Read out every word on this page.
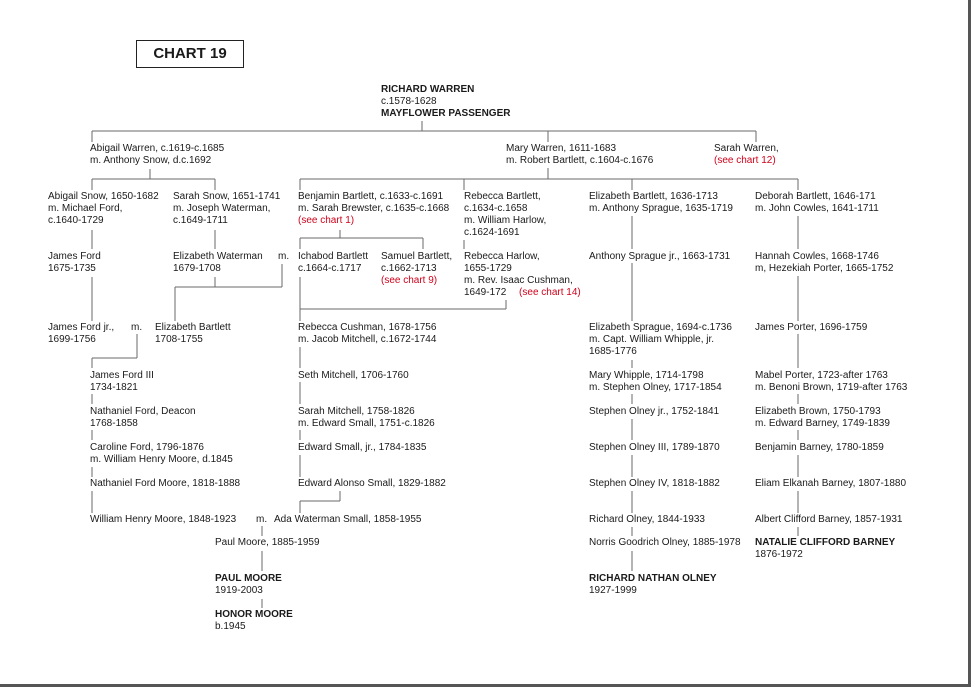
CHART 19
RICHARD WARREN
c.1578-1628
MAYFLOWER PASSENGER
Abigail Warren, c.1619-c.1685
m. Anthony Snow, d.c.1692
Mary Warren, 1611-1683
m. Robert Bartlett, c.1604-c.1676
Sarah Warren,
(see chart 12)
Abigail Snow, 1650-1682
m. Michael Ford,
c.1640-1729
Sarah Snow, 1651-1741
m. Joseph Waterman,
c.1649-1711
James Ford
1675-1735
Elizabeth Waterman
1679-1708
m.
James Ford jr.,
1699-1756
m. Elizabeth Bartlett
1708-1755
James Ford III
1734-1821
Nathaniel Ford, Deacon
1768-1858
Caroline Ford, 1796-1876
m. William Henry Moore, d.1845
Nathaniel Ford Moore, 1818-1888
William Henry Moore, 1848-1923 m. Ada Waterman Small, 1858-1955
Paul Moore, 1885-1959
PAUL MOORE
1919-2003
HONOR MOORE
b.1945
Benjamin Bartlett, c.1633-c.1691
m. Sarah Brewster, c.1635-c.1668
(see chart 1)
Rebecca Bartlett,
c.1634-c.1658
m. William Harlow,
c.1624-1691
Ichabod Bartlett
c.1664-c.1717
Samuel Bartlett,
c.1662-1713
(see chart 9)
Rebecca Harlow,
1655-1729
m. Rev. Isaac Cushman,
1649-172 (see chart 14)
Rebecca Cushman, 1678-1756
m. Jacob Mitchell, c.1672-1744
Seth Mitchell, 1706-1760
Sarah Mitchell, 1758-1826
m. Edward Small, 1751-c.1826
Edward Small, jr., 1784-1835
Edward Alonso Small, 1829-1882
Elizabeth Bartlett, 1636-1713
m. Anthony Sprague, 1635-1719
Anthony Sprague jr., 1663-1731
Elizabeth Sprague, 1694-c.1736
m. Capt. William Whipple, jr.
1685-1776
Mary Whipple, 1714-1798
m. Stephen Olney, 1717-1854
Stephen Olney jr., 1752-1841
Stephen Olney III, 1789-1870
Stephen Olney IV, 1818-1882
Richard Olney, 1844-1933
Norris Goodrich Olney, 1885-1978
RICHARD NATHAN OLNEY
1927-1999
Deborah Bartlett, 1646-171
m. John Cowles, 1641-1711
Hannah Cowles, 1668-1746
m, Hezekiah Porter, 1665-1752
James Porter, 1696-1759
Mabel Porter, 1723-after 1763
m. Benoni Brown, 1719-after 1763
Elizabeth Brown, 1750-1793
m. Edward Barney, 1749-1839
Benjamin Barney, 1780-1859
Eliam Elkanah Barney, 1807-1880
Albert Clifford Barney, 1857-1931
NATALIE CLIFFORD BARNEY
1876-1972
